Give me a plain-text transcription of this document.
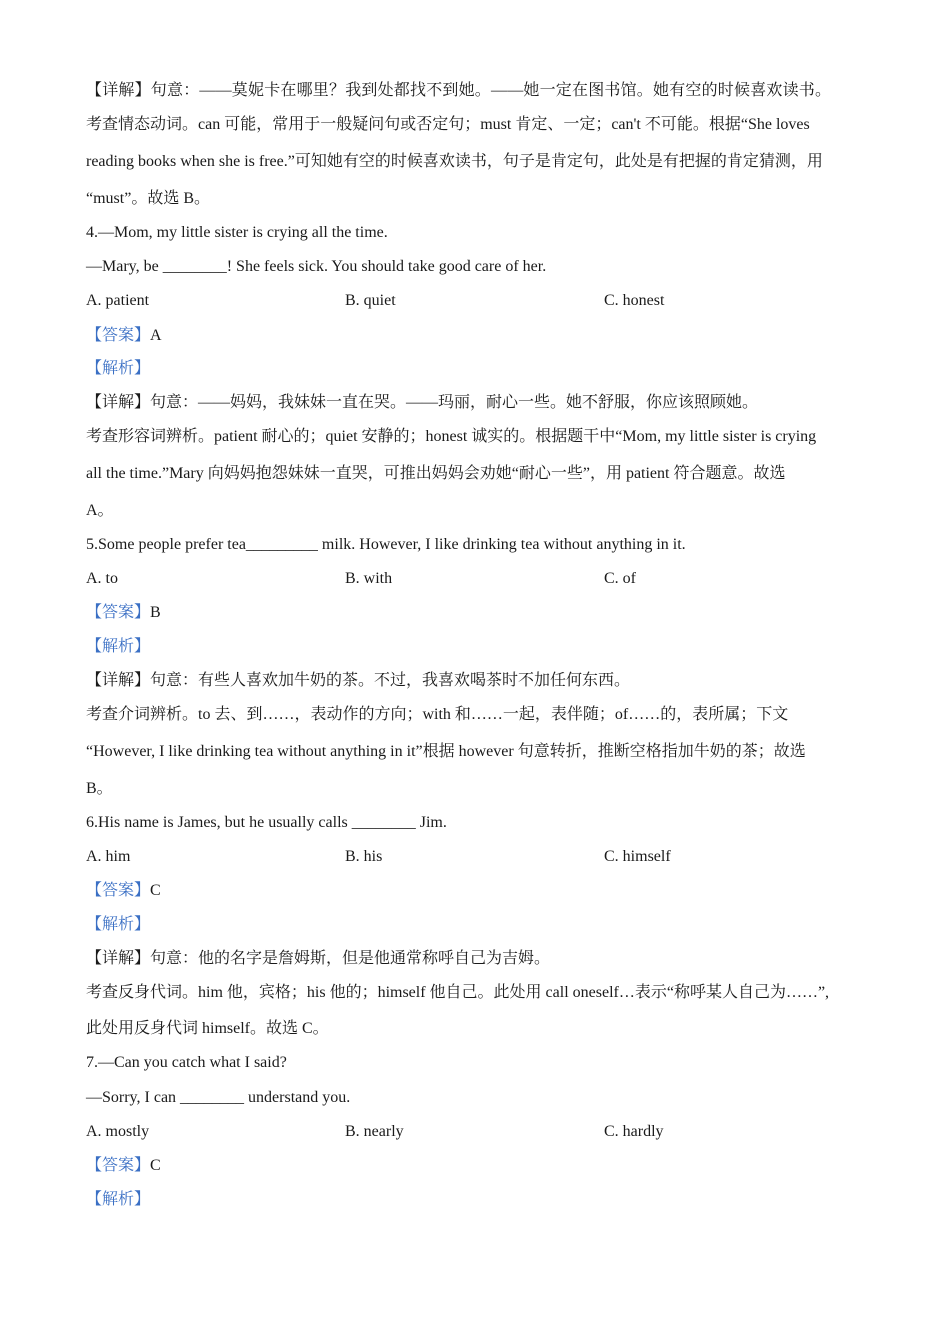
【详解】句意：——莫妮卡在哪里？我到处都找不到她。——她一定在图书馆。她有空的时候喜欢读书。
考查情态动词。can 可能，常用于一般疑问句或否定句；must 肯定、一定；can't 不可能。根据“She loves
reading books when she is free.”可知她有空的时候喜欢读书，句子是肯定句，此处是有把握的肯定猜测，用
“must”。故选 B。
4.—Mom, my little sister is crying all the time.
—Mary, be ________! She feels sick. You should take good care of her.
A. patient	B. quiet	C. honest
【答案】A
【解析】
【详解】句意：——妈妈，我妹妹一直在哭。——玛丽，耐心一些。她不舒服，你应该照顾她。
考查形容词辨析。patient 耐心的；quiet 安静的；honest 诚实的。根据题干中“Mom, my little sister is crying
all the time.”Mary 向妈妈抱怨妹妹一直哭，可推出妈妈会劝她“耐心一些”，用 patient 符合题意。故选
A。
5.Some people prefer tea_________ milk. However, I like drinking tea without anything in it.
A. to	B. with	C. of
【答案】B
【解析】
【详解】句意：有些人喜欢加牛奶的茶。不过，我喜欢喝茶时不加任何东西。
考查介词辨析。to 去、到……，表动作的方向；with 和……一起，表伴随；of……的，表所属；下文
“However, I like drinking tea without anything in it”根据 however 句意转折，推断空格指加牛奶的茶；故选
B。
6.His name is James, but he usually calls ________ Jim.
A. him	B. his	C. himself
【答案】C
【解析】
【详解】句意：他的名字是詹姆斯，但是他通常称呼自己为吉姆。
考查反身代词。him 他，宾格；his 他的；himself 他自己。此处用 call oneself…表示“称呼某人自己为……”,
此处用反身代词 himself。故选 C。
7.—Can you catch what I said?
—Sorry, I can ________ understand you.
A. mostly	B. nearly	C. hardly
【答案】C
【解析】
